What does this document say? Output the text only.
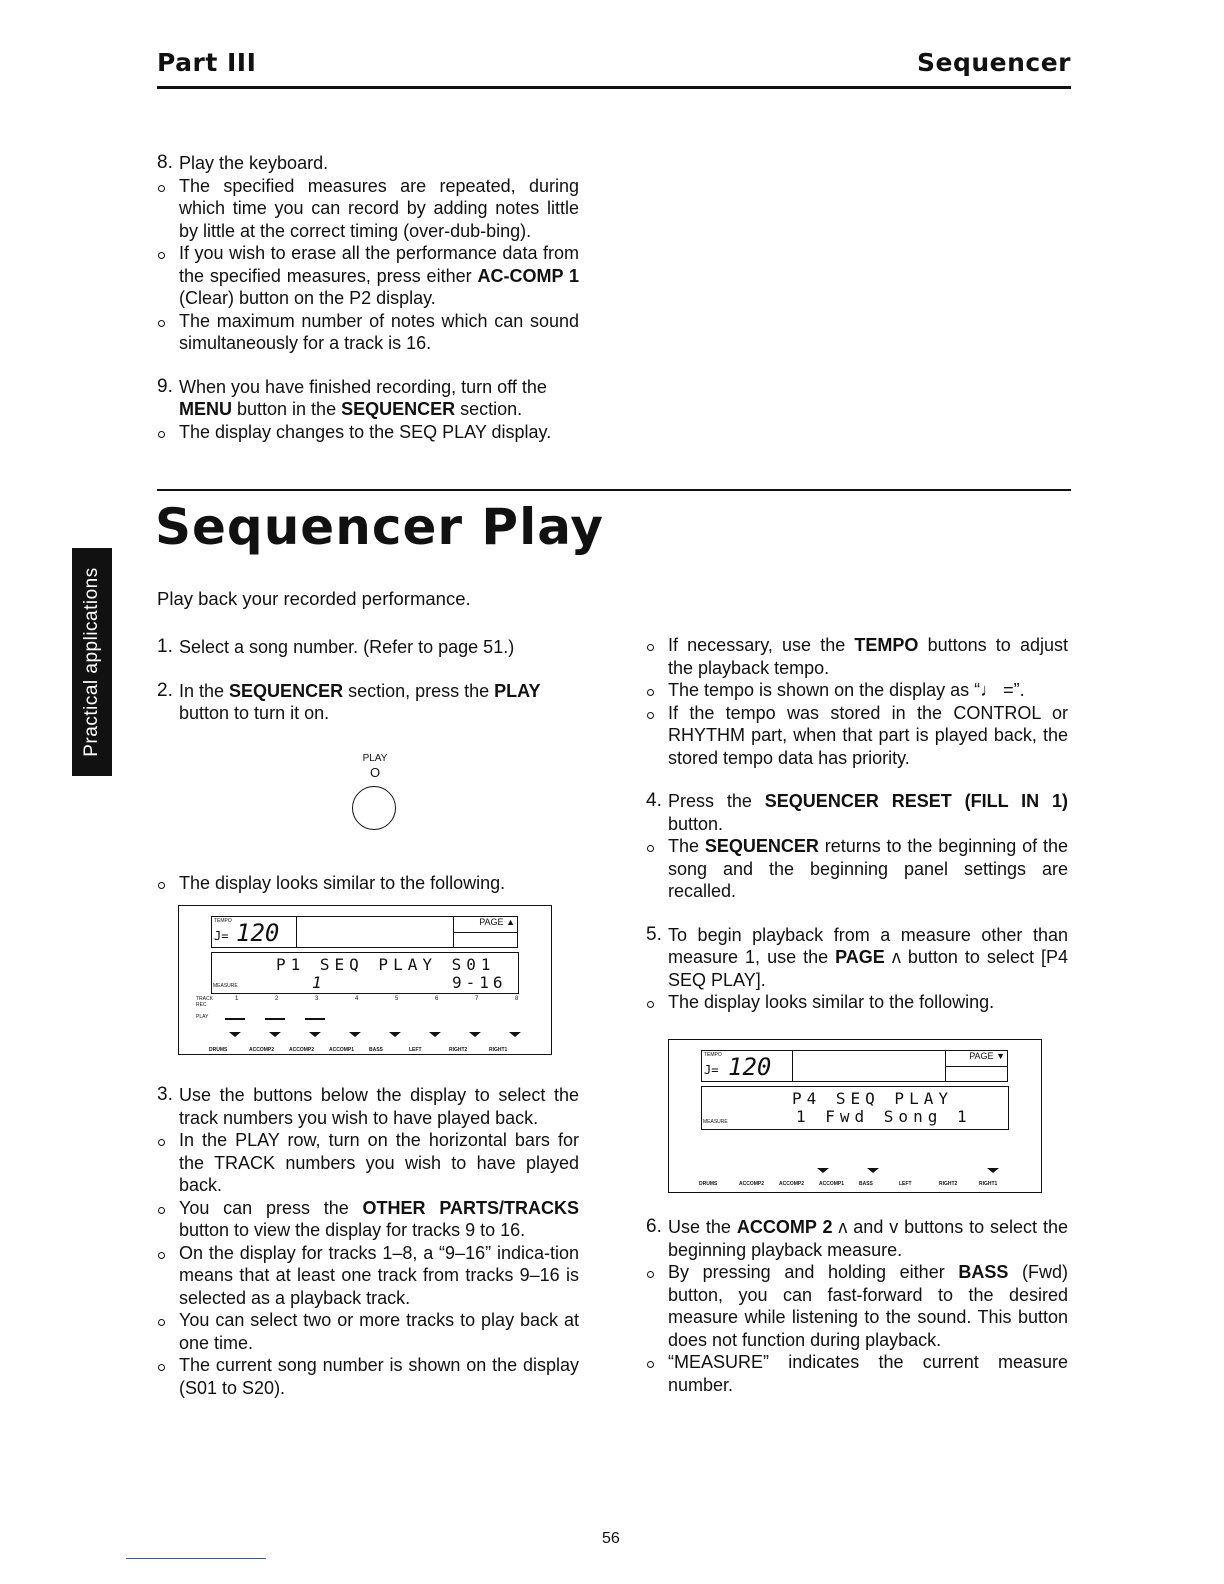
Part III	Sequencer
8. Play the keyboard.

The specified measures are repeated, during which time you can record by adding notes little by little at the correct timing (over-dub-bing).

If you wish to erase all the performance data from the specified measures, press either AC-COMP 1 (Clear) button on the P2 display.

The maximum number of notes which can sound simultaneously for a track is 16.

9. When you have finished recording, turn off the MENU button in the SEQUENCER section.

The display changes to the SEQ PLAY display.

Sequencer Play
Practical applications	Play back your recorded performance.
1. Select a song number. (Refer to page 51.)
2. In the SEQUENCER section, press the PLAY button to turn it on.

PLAY
O

The display looks similar to the following.

TEMPO
J= 120	PAGE ▲
P1 SEQ PLAY S01
MEASURE	1	9-16
TRACK
REC
PLAY
1	2	3	4	5	6	7	8
DRUMS	ACCOMP2	ACCOMP2	ACCOMP1	BASS	LEFT	RIGHT2	RIGHT1
3. Use the buttons below the display to select the track numbers you wish to have played back.

In the PLAY row, turn on the horizontal bars for the TRACK numbers you wish to have played back.

You can press the OTHER PARTS/TRACKS button to view the display for tracks 9 to 16.

On the display for tracks 1–8, a “9–16” indica-tion means that at least one track from tracks 9–16 is selected as a playback track.

You can select two or more tracks to play back at one time.

The current song number is shown on the display (S01 to S20).

If necessary, use the TEMPO buttons to adjust the playback tempo.

The tempo is shown on the display as “♩ =”.

If the tempo was stored in the CONTROL or RHYTHM part, when that part is played back, the stored tempo data has priority.

4. Press the SEQUENCER RESET (FILL IN 1) button.

The SEQUENCER returns to the beginning of the song and the beginning panel settings are recalled.

5. To begin playback from a measure other than measure 1, use the PAGE ʌ button to select [P4 SEQ PLAY].

The display looks similar to the following.

TEMPO
J= 120	PAGE ▼
P4 SEQ PLAY
MEASURE	1 Fwd Song 1
DRUMS	ACCOMP2	ACCOMP2	ACCOMP1	BASS	LEFT	RIGHT2	RIGHT1
6. Use the ACCOMP 2 ʌ and v buttons to select the beginning playback measure.

By pressing and holding either BASS (Fwd) button, you can fast-forward to the desired measure while listening to the sound. This button does not function during playback.

“MEASURE” indicates the current measure number.

56
